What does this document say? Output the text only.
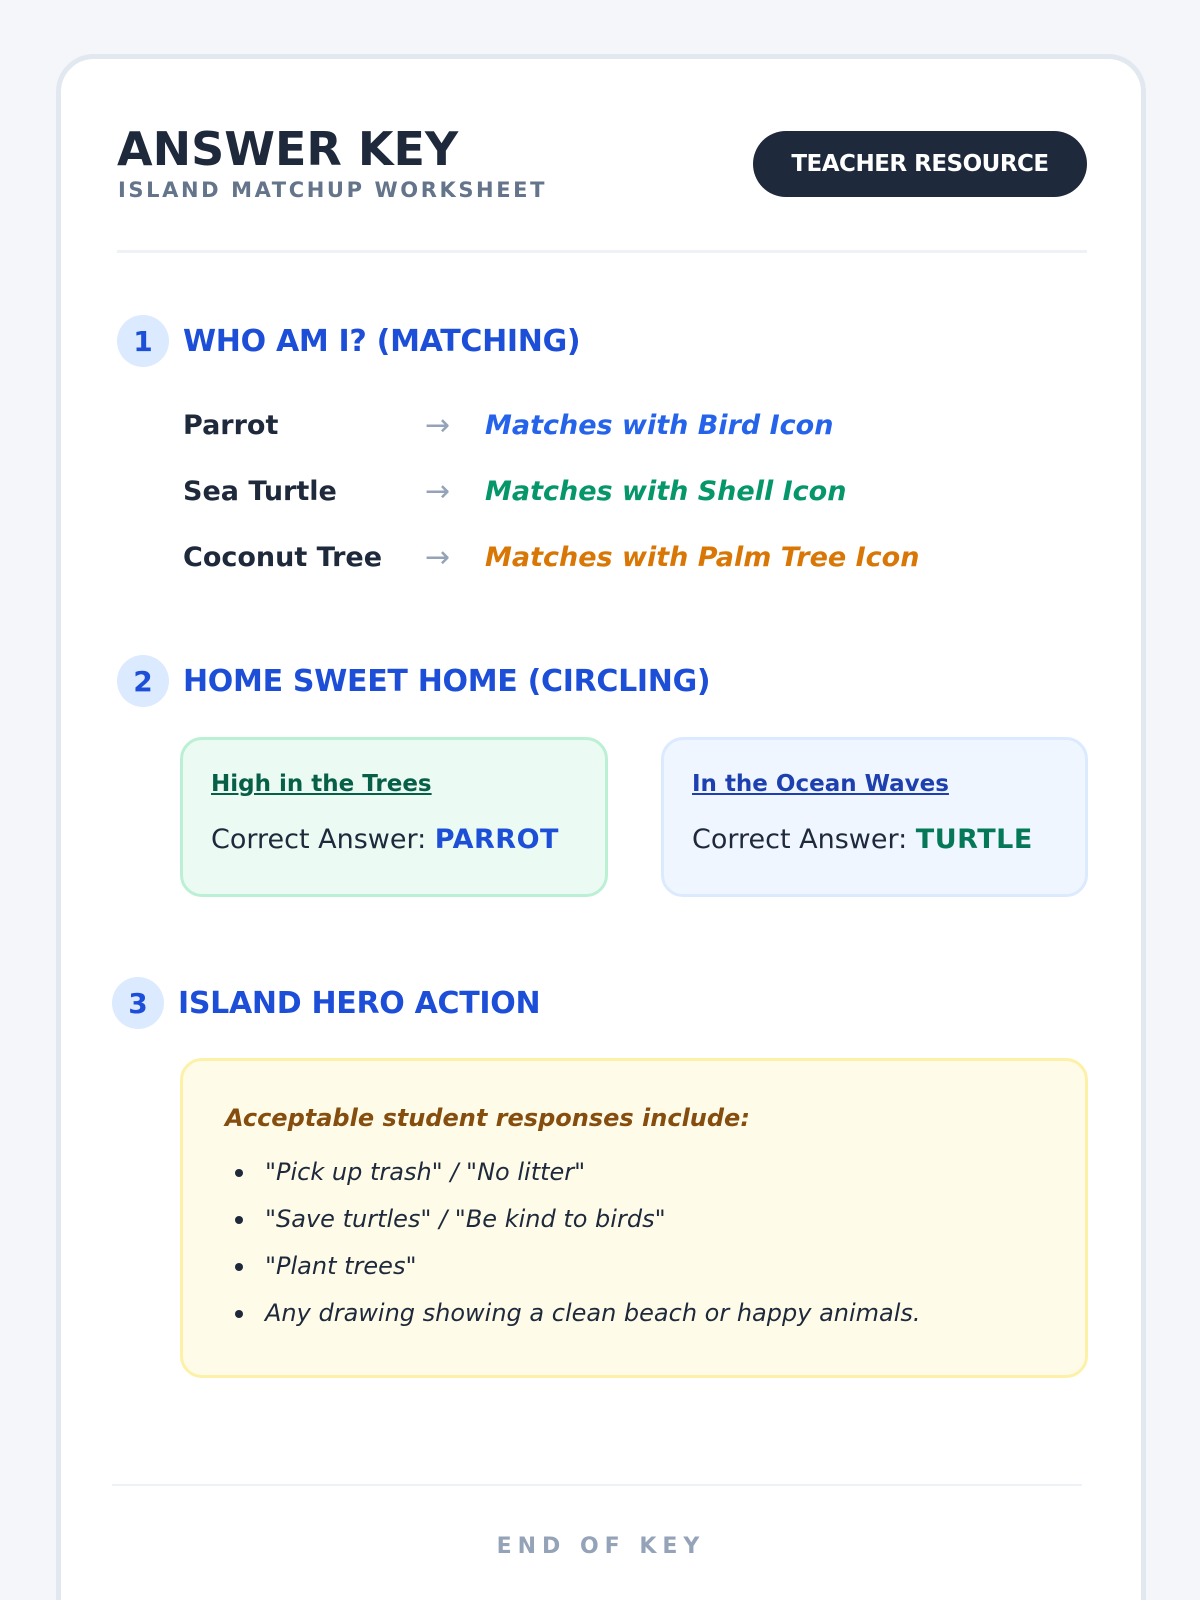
ANSWER KEY
ISLAND MATCHUP WORKSHEET
TEACHER RESOURCE
1	WHO AM I? (MATCHING)
Parrot	→ Matches with Bird Icon
Sea Turtle	→ Matches with Shell Icon
Coconut Tree → Matches with Palm Tree Icon
2	HOME SWEET HOME (CIRCLING)
High in the Trees
Correct Answer: PARROT
In the Ocean Waves
Correct Answer: TURTLE
3	ISLAND HERO ACTION
Acceptable student responses include:
"Pick up trash" / "No litter"
"Save turtles" / "Be kind to birds"
"Plant trees"
Any drawing showing a clean beach or happy animals.
END OF KEY
